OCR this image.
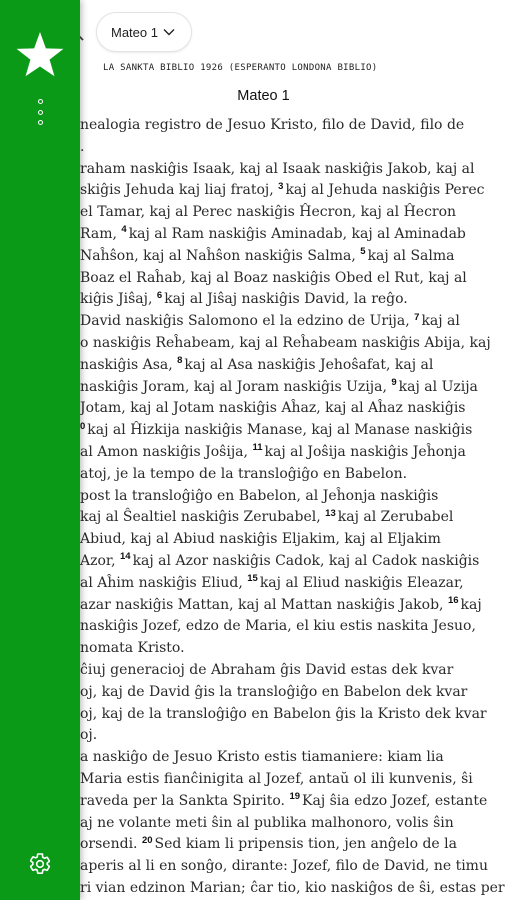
Mateo 1
LA SANKTA BIBLIO 1926 (ESPERANTO LONDONA BIBLIO)
Mateo 1
nealogia registro de Jesuo Kristo, filo de David, filo de
.
raham naskiĝis Isaak, kaj al Isaak naskiĝis Jakob, kaj al
skiĝis Jehuda kaj liaj fratoj, $^3$ kaj al Jehuda naskiĝis Perec
el Tamar, kaj al Perec naskiĝis Ĥecron, kaj al Ĥecron
Ram, $^4$ kaj al Ram naskiĝis Aminadab, kaj al Aminadab
Naĥŝon, kaj al Naĥŝon naskiĝis Salma, $^5$ kaj al Salma
Boaz el Raĥab, kaj al Boaz naskiĝis Obed el Rut, kaj al
kiĝis Jiŝaj, $^6$ kaj al Jiŝaj naskiĝis David, la reĝo.
David naskiĝis Salomono el la edzino de Urija, $^7$ kaj al
o naskiĝis Reĥabeam, kaj al Reĥabeam naskiĝis Abija, kaj
naskiĝis Asa, $^8$ kaj al Asa naskiĝis Jehoŝafat, kaj al
naskiĝis Joram, kaj al Joram naskiĝis Uzija, $^9$ kaj al Uzija
Jotam, kaj al Jotam naskiĝis Aĥaz, kaj al Aĥaz naskiĝis
$^0$ kaj al Ĥizkija naskiĝis Manase, kaj al Manase naskiĝis
al Amon naskiĝis Joŝija, $^{11}$ kaj al Joŝija naskiĝis Jeĥonja
atoj, je la tempo de la transloĝiĝo en Babelon.
post la transloĝiĝo en Babelon, al Jeĥonja naskiĝis
kaj al Ŝealtiel naskiĝis Zerubabel, $^{13}$ kaj al Zerubabel
Abiud, kaj al Abiud naskiĝis Eljakim, kaj al Eljakim
Azor, $^{14}$ kaj al Azor naskiĝis Cadok, kaj al Cadok naskiĝis
al Aĥim naskiĝis Eliud, $^{15}$ kaj al Eliud naskiĝis Eleazar,
azar naskiĝis Mattan, kaj al Mattan naskiĝis Jakob, $^{16}$ kaj
naskiĝis Jozef, edzo de Maria, el kiu estis naskita Jesuo,
nomata Kristo.
ĉiuj generacioj de Abraham ĝis David estas dek kvar
oj, kaj de David ĝis la transloĝiĝo en Babelon dek kvar
oj, kaj de la transloĝiĝo en Babelon ĝis la Kristo dek kvar
oj.
a naskiĝo de Jesuo Kristo estis tiamaniere: kiam lia
Maria estis fianĉinigita al Jozef, antaŭ ol ili kunvenis, ŝi
raveda per la Sankta Spirito. $^{19}$ Kaj ŝia edzo Jozef, estante
aj ne volante meti ŝin al publika malhonoro, volis ŝin
orsendi. $^{20}$ Sed kiam li pripensis tion, jen anĝelo de la
aperis al li en sonĝo, dirante: Jozef, filo de David, ne timu
ri vian edzinon Marian; ĉar tio, kio naskiĝos de ŝi, estas per
